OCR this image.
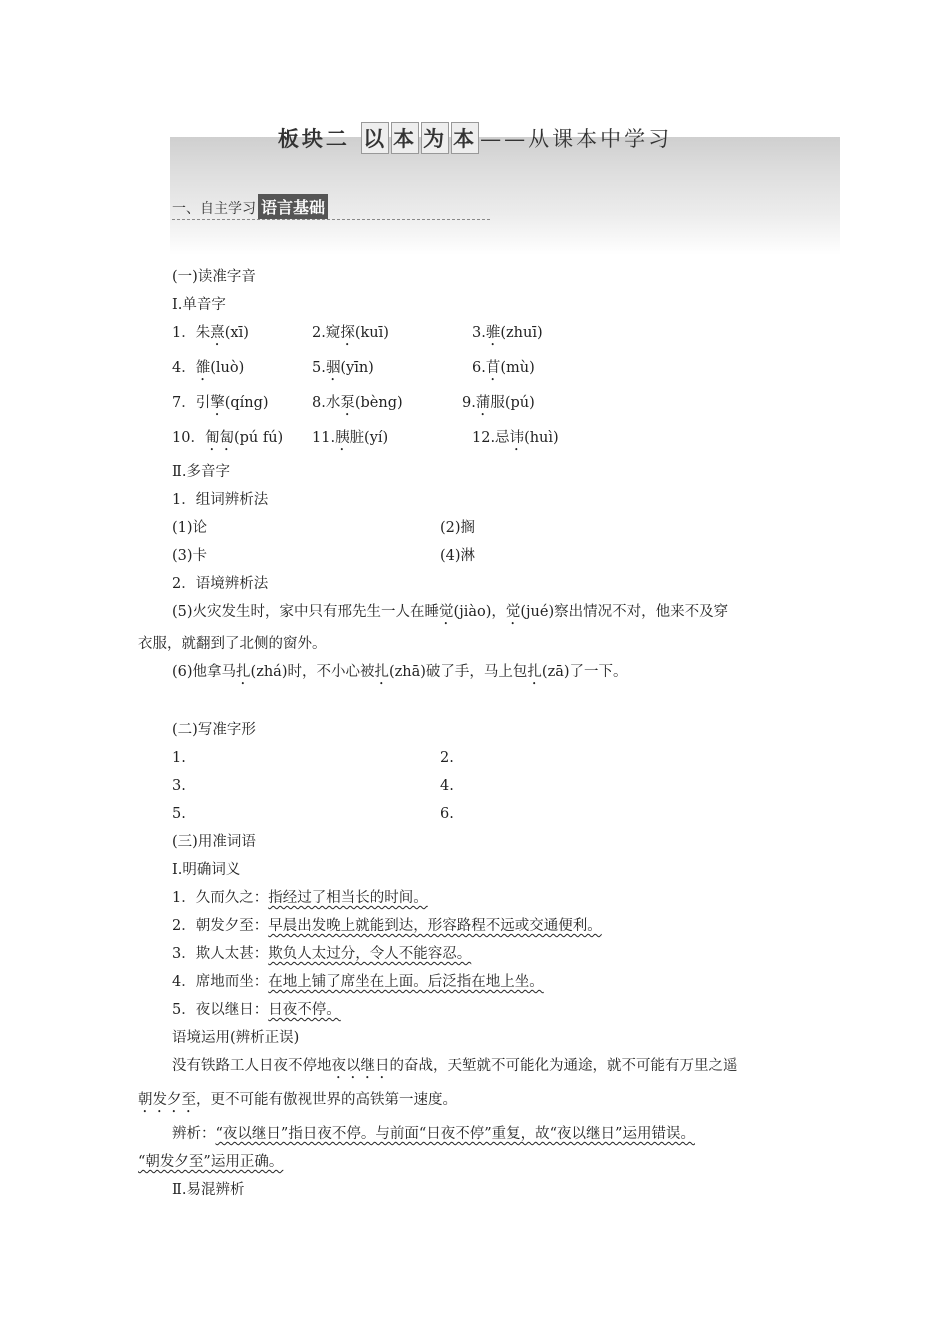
板块二 以 本 为 本 ——从课本中学习
一、自主学习 语言基础
(一)读准字音
Ⅰ.单音字
1．朱熹(xī)	2.窥探(kuī)	3.骓(zhuī)
4．雒(luò)	5.骃(yīn)	6.苜(mù)
7．引擎(qíng)	8.水泵(bèng)	9.蒲服(pú)
10．匍匐(pú fú) 11.胰脏(yí)	12.忌讳(huì)
Ⅱ.多音字
1．组词辨析法
(1)论	(2)搁
(3)卡	(4)淋
2．语境辨析法
(5)火灾发生时，家中只有邢先生一人在睡觉(jiào)，觉(jué)察出情况不对，他来不及穿
衣服，就翻到了北侧的窗外。
(6)他拿马扎(zhá)时，不小心被扎(zhā)破了手，马上包扎(zā)了一下。
(二)写准字形
1.	2.
3.	4.
5.	6.
(三)用准词语
Ⅰ.明确词义
1．久而久之：指经过了相当长的时间。
2．朝发夕至：早晨出发晚上就能到达，形容路程不远或交通便利。
3．欺人太甚：欺负人太过分，令人不能容忍。
4．席地而坐：在地上铺了席坐在上面。后泛指在地上坐。
5．夜以继日：日夜不停。
语境运用(辨析正误)
没有铁路工人日夜不停地夜以继日的奋战，天堑就不可能化为通途，就不可能有万里之遥
朝发夕至，更不可能有傲视世界的高铁第一速度。
辨析：“夜以继日”指日夜不停。与前面“日夜不停”重复，故“夜以继日”运用错误。
“朝发夕至”运用正确。
Ⅱ.易混辨析
